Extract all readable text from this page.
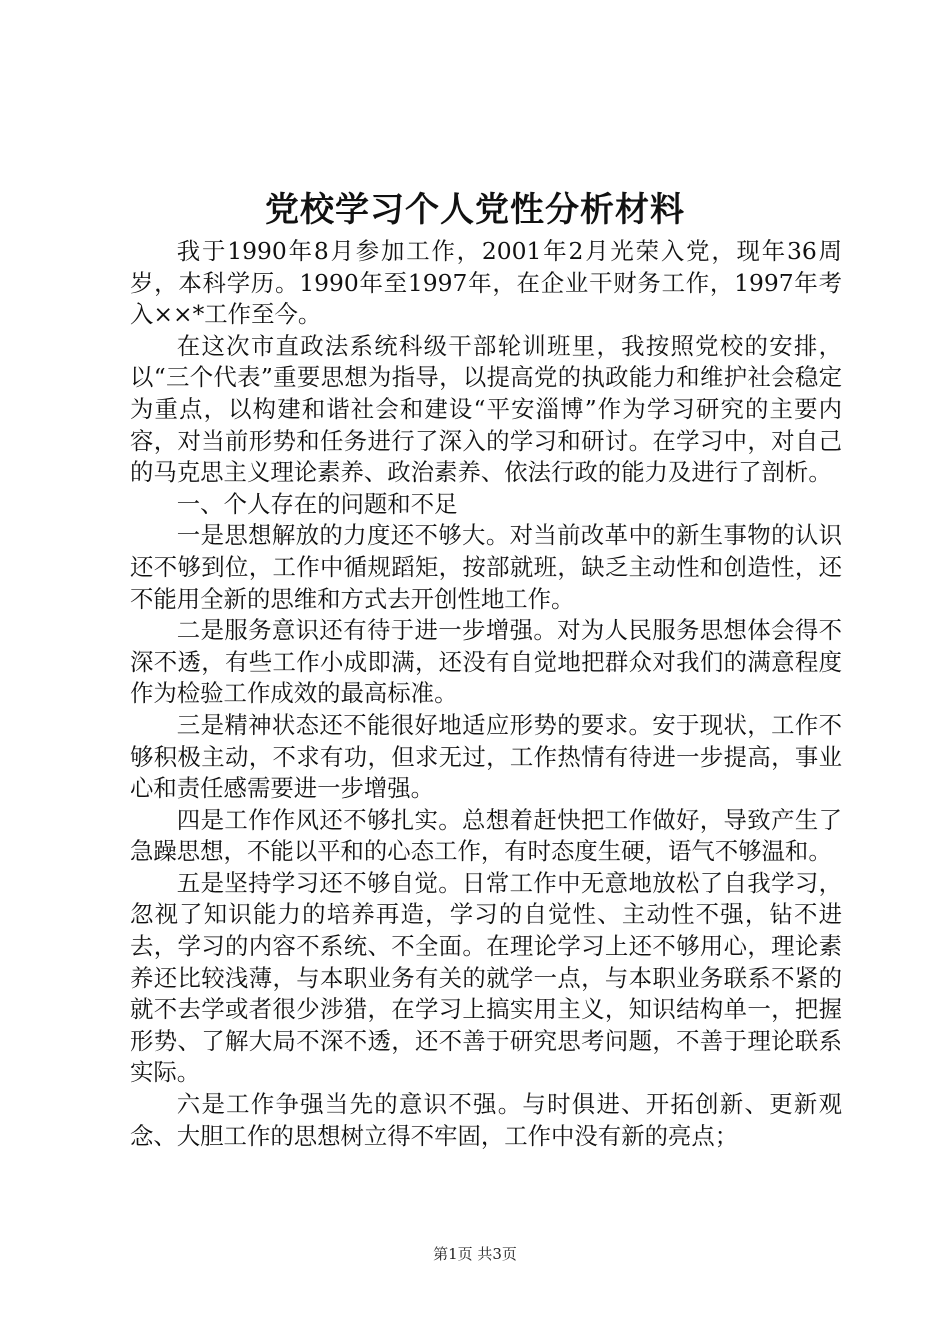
党校学习个人党性分析材料

我于1990年8月参加工作，2001年2月光荣入党，现年36周岁，本科学历。1990年至1997年，在企业干财务工作，1997年考入××*工作至今。

在这次市直政法系统科级干部轮训班里，我按照党校的安排，以“三个代表”重要思想为指导，以提高党的执政能力和维护社会稳定为重点，以构建和谐社会和建设“平安淄博”作为学习研究的主要内容，对当前形势和任务进行了深入的学习和研讨。在学习中，对自己的马克思主义理论素养、政治素养、依法行政的能力及进行了剖析。

一、个人存在的问题和不足

一是思想解放的力度还不够大。对当前改革中的新生事物的认识还不够到位，工作中循规蹈矩，按部就班，缺乏主动性和创造性，还不能用全新的思维和方式去开创性地工作。

二是服务意识还有待于进一步增强。对为人民服务思想体会得不深不透，有些工作小成即满，还没有自觉地把群众对我们的满意程度作为检验工作成效的最高标准。

三是精神状态还不能很好地适应形势的要求。安于现状，工作不够积极主动，不求有功，但求无过，工作热情有待进一步提高，事业心和责任感需要进一步增强。

四是工作作风还不够扎实。总想着赶快把工作做好，导致产生了急躁思想，不能以平和的心态工作，有时态度生硬，语气不够温和。

五是坚持学习还不够自觉。日常工作中无意地放松了自我学习，忽视了知识能力的培养再造，学习的自觉性、主动性不强，钻不进去，学习的内容不系统、不全面。在理论学习上还不够用心，理论素养还比较浅薄，与本职业务有关的就学一点，与本职业务联系不紧的就不去学或者很少涉猎，在学习上搞实用主义，知识结构单一，把握形势、了解大局不深不透，还不善于研究思考问题，不善于理论联系实际。

六是工作争强当先的意识不强。与时俱进、开拓创新、更新观念、大胆工作的思想树立得不牢固，工作中没有新的亮点；

第1页 共3页
